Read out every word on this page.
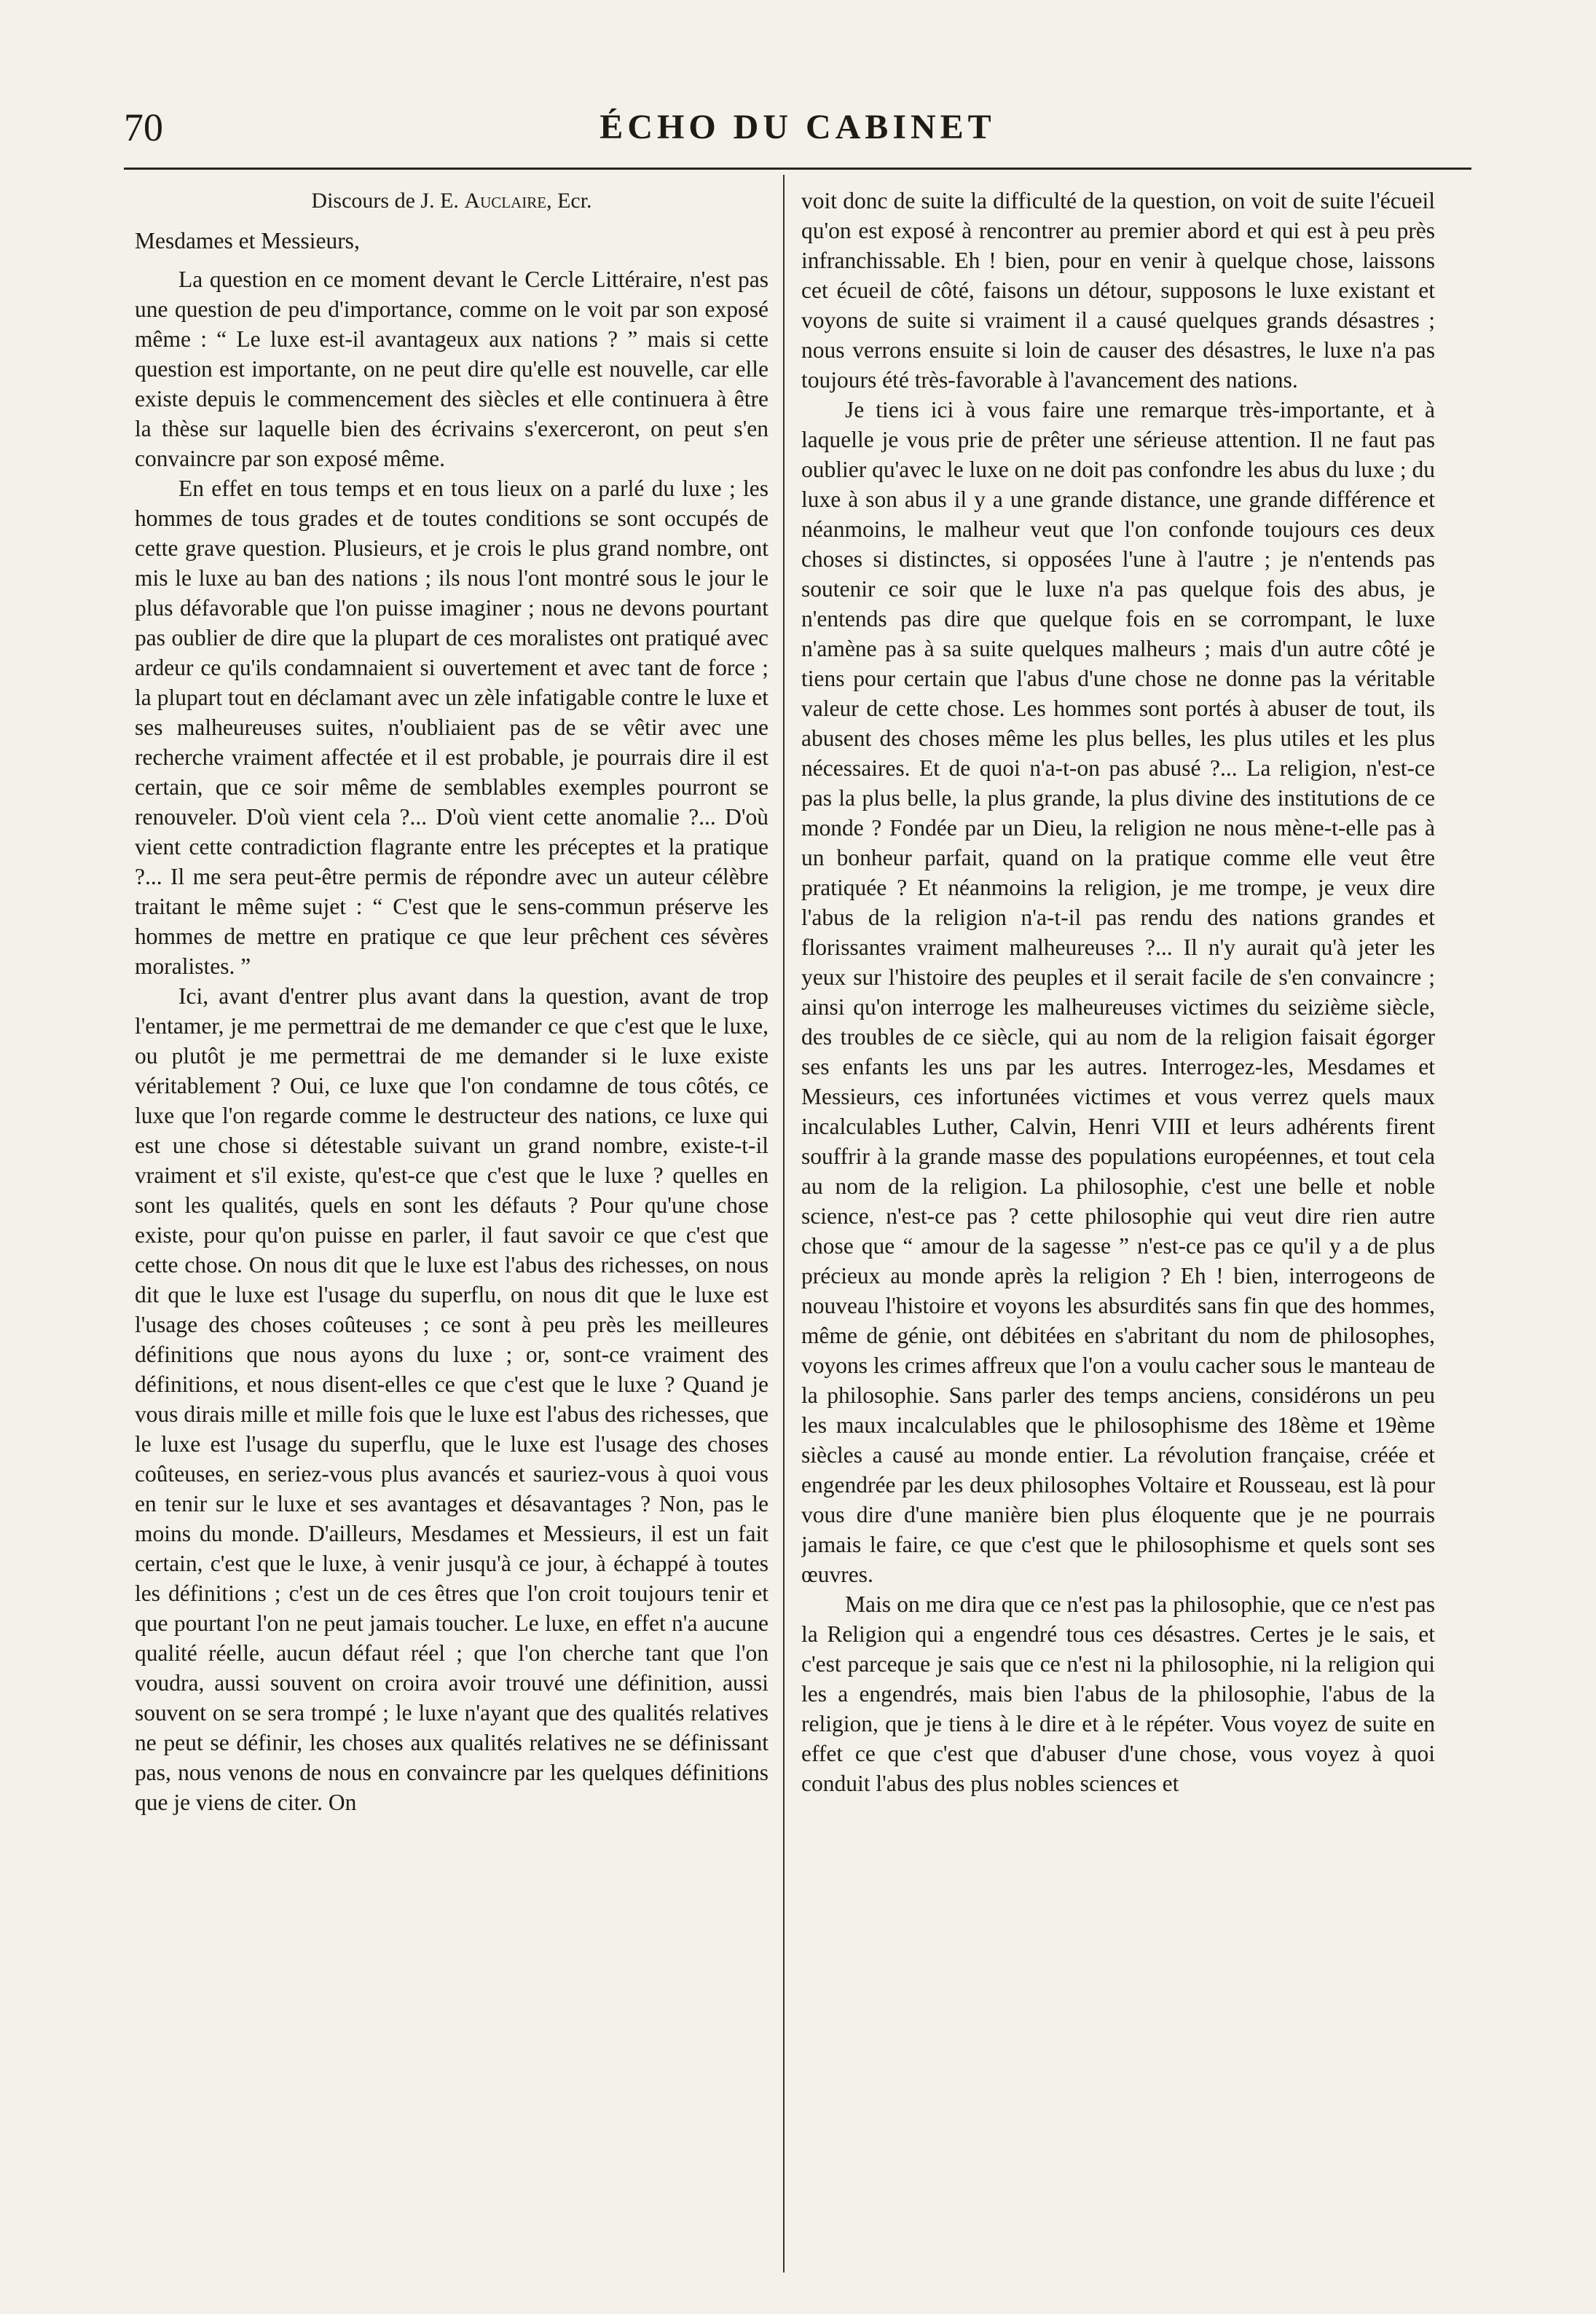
70	ÉCHO DU CABINET

Discours de J. E. Auclaire, Ecr.

Mesdames et Messieurs,

La question en ce moment devant le Cercle Littéraire, n'est pas une question de peu d'importance, comme on le voit par son exposé même : “ Le luxe est-il avantageux aux nations ? ” mais si cette question est importante, on ne peut dire qu'elle est nouvelle, car elle existe depuis le commencement des siècles et elle continuera à être la thèse sur laquelle bien des écrivains s'exerceront, on peut s'en convaincre par son exposé même.

En effet en tous temps et en tous lieux on a parlé du luxe ; les hommes de tous grades et de toutes conditions se sont occupés de cette grave question. Plusieurs, et je crois le plus grand nombre, ont mis le luxe au ban des nations ; ils nous l'ont montré sous le jour le plus défavorable que l'on puisse imaginer ; nous ne devons pourtant pas oublier de dire que la plupart de ces moralistes ont pratiqué avec ardeur ce qu'ils condamnaient si ouvertement et avec tant de force ; la plupart tout en déclamant avec un zèle infatigable contre le luxe et ses malheureuses suites, n'oubliaient pas de se vêtir avec une recherche vraiment affectée et il est probable, je pourrais dire il est certain, que ce soir même de semblables exemples pourront se renouveler. D'où vient cela ?... D'où vient cette anomalie ?... D'où vient cette contradiction flagrante entre les préceptes et la pratique ?... Il me sera peut-être permis de répondre avec un auteur célèbre traitant le même sujet : “ C'est que le sens-commun préserve les hommes de mettre en pratique ce que leur prêchent ces sévères moralistes. ”

Ici, avant d'entrer plus avant dans la question, avant de trop l'entamer, je me permettrai de me demander ce que c'est que le luxe, ou plutôt je me permettrai de me demander si le luxe existe véritablement ? Oui, ce luxe que l'on condamne de tous côtés, ce luxe que l'on regarde comme le destructeur des nations, ce luxe qui est une chose si détestable suivant un grand nombre, existe-t-il vraiment et s'il existe, qu'est-ce que c'est que le luxe ? quelles en sont les qualités, quels en sont les défauts ? Pour qu'une chose existe, pour qu'on puisse en parler, il faut savoir ce que c'est que cette chose. On nous dit que le luxe est l'abus des richesses, on nous dit que le luxe est l'usage du superflu, on nous dit que le luxe est l'usage des choses coûteuses ; ce sont à peu près les meilleures définitions que nous ayons du luxe ; or, sont-ce vraiment des définitions, et nous disent-elles ce que c'est que le luxe ? Quand je vous dirais mille et mille fois que le luxe est l'abus des richesses, que le luxe est l'usage du superflu, que le luxe est l'usage des choses coûteuses, en seriez-vous plus avancés et sauriez-vous à quoi vous en tenir sur le luxe et ses avantages et désavantages ? Non, pas le moins du monde. D'ailleurs, Mesdames et Messieurs, il est un fait certain, c'est que le luxe, à venir jusqu'à ce jour, à échappé à toutes les définitions ; c'est un de ces êtres que l'on croit toujours tenir et que pourtant l'on ne peut jamais toucher. Le luxe, en effet n'a aucune qualité réelle, aucun défaut réel ; que l'on cherche tant que l'on voudra, aussi souvent on croira avoir trouvé une définition, aussi souvent on se sera trompé ; le luxe n'ayant que des qualités relatives ne peut se définir, les choses aux qualités relatives ne se définissant pas, nous venons de nous en convaincre par les quelques définitions que je viens de citer. On

voit donc de suite la difficulté de la question, on voit de suite l'écueil qu'on est exposé à rencontrer au premier abord et qui est à peu près infranchissable. Eh ! bien, pour en venir à quelque chose, laissons cet écueil de côté, faisons un détour, supposons le luxe existant et voyons de suite si vraiment il a causé quelques grands désastres ; nous verrons ensuite si loin de causer des désastres, le luxe n'a pas toujours été très-favorable à l'avancement des nations.

Je tiens ici à vous faire une remarque très-importante, et à laquelle je vous prie de prêter une sérieuse attention. Il ne faut pas oublier qu'avec le luxe on ne doit pas confondre les abus du luxe ; du luxe à son abus il y a une grande distance, une grande différence et néanmoins, le malheur veut que l'on confonde toujours ces deux choses si distinctes, si opposées l'une à l'autre ; je n'entends pas soutenir ce soir que le luxe n'a pas quelque fois des abus, je n'entends pas dire que quelque fois en se corrompant, le luxe n'amène pas à sa suite quelques malheurs ; mais d'un autre côté je tiens pour certain que l'abus d'une chose ne donne pas la véritable valeur de cette chose. Les hommes sont portés à abuser de tout, ils abusent des choses même les plus belles, les plus utiles et les plus nécessaires. Et de quoi n'a-t-on pas abusé ?... La religion, n'est-ce pas la plus belle, la plus grande, la plus divine des institutions de ce monde ? Fondée par un Dieu, la religion ne nous mène-t-elle pas à un bonheur parfait, quand on la pratique comme elle veut être pratiquée ? Et néanmoins la religion, je me trompe, je veux dire l'abus de la religion n'a-t-il pas rendu des nations grandes et florissantes vraiment malheureuses ?... Il n'y aurait qu'à jeter les yeux sur l'histoire des peuples et il serait facile de s'en convaincre ; ainsi qu'on interroge les malheureuses victimes du seizième siècle, des troubles de ce siècle, qui au nom de la religion faisait égorger ses enfants les uns par les autres. Interrogez-les, Mesdames et Messieurs, ces infortunées victimes et vous verrez quels maux incalculables Luther, Calvin, Henri VIII et leurs adhérents firent souffrir à la grande masse des populations européennes, et tout cela au nom de la religion. La philosophie, c'est une belle et noble science, n'est-ce pas ? cette philosophie qui veut dire rien autre chose que “ amour de la sagesse ” n'est-ce pas ce qu'il y a de plus précieux au monde après la religion ? Eh ! bien, interrogeons de nouveau l'histoire et voyons les absurdités sans fin que des hommes, même de génie, ont débitées en s'abritant du nom de philosophes, voyons les crimes affreux que l'on a voulu cacher sous le manteau de la philosophie. Sans parler des temps anciens, considérons un peu les maux incalculables que le philosophisme des 18ème et 19ème siècles a causé au monde entier. La révolution française, créée et engendrée par les deux philosophes Voltaire et Rousseau, est là pour vous dire d'une manière bien plus éloquente que je ne pourrais jamais le faire, ce que c'est que le philosophisme et quels sont ses œuvres.

Mais on me dira que ce n'est pas la philosophie, que ce n'est pas la Religion qui a engendré tous ces désastres. Certes je le sais, et c'est parceque je sais que ce n'est ni la philosophie, ni la religion qui les a engendrés, mais bien l'abus de la philosophie, l'abus de la religion, que je tiens à le dire et à le répéter. Vous voyez de suite en effet ce que c'est que d'abuser d'une chose, vous voyez à quoi conduit l'abus des plus nobles sciences et
